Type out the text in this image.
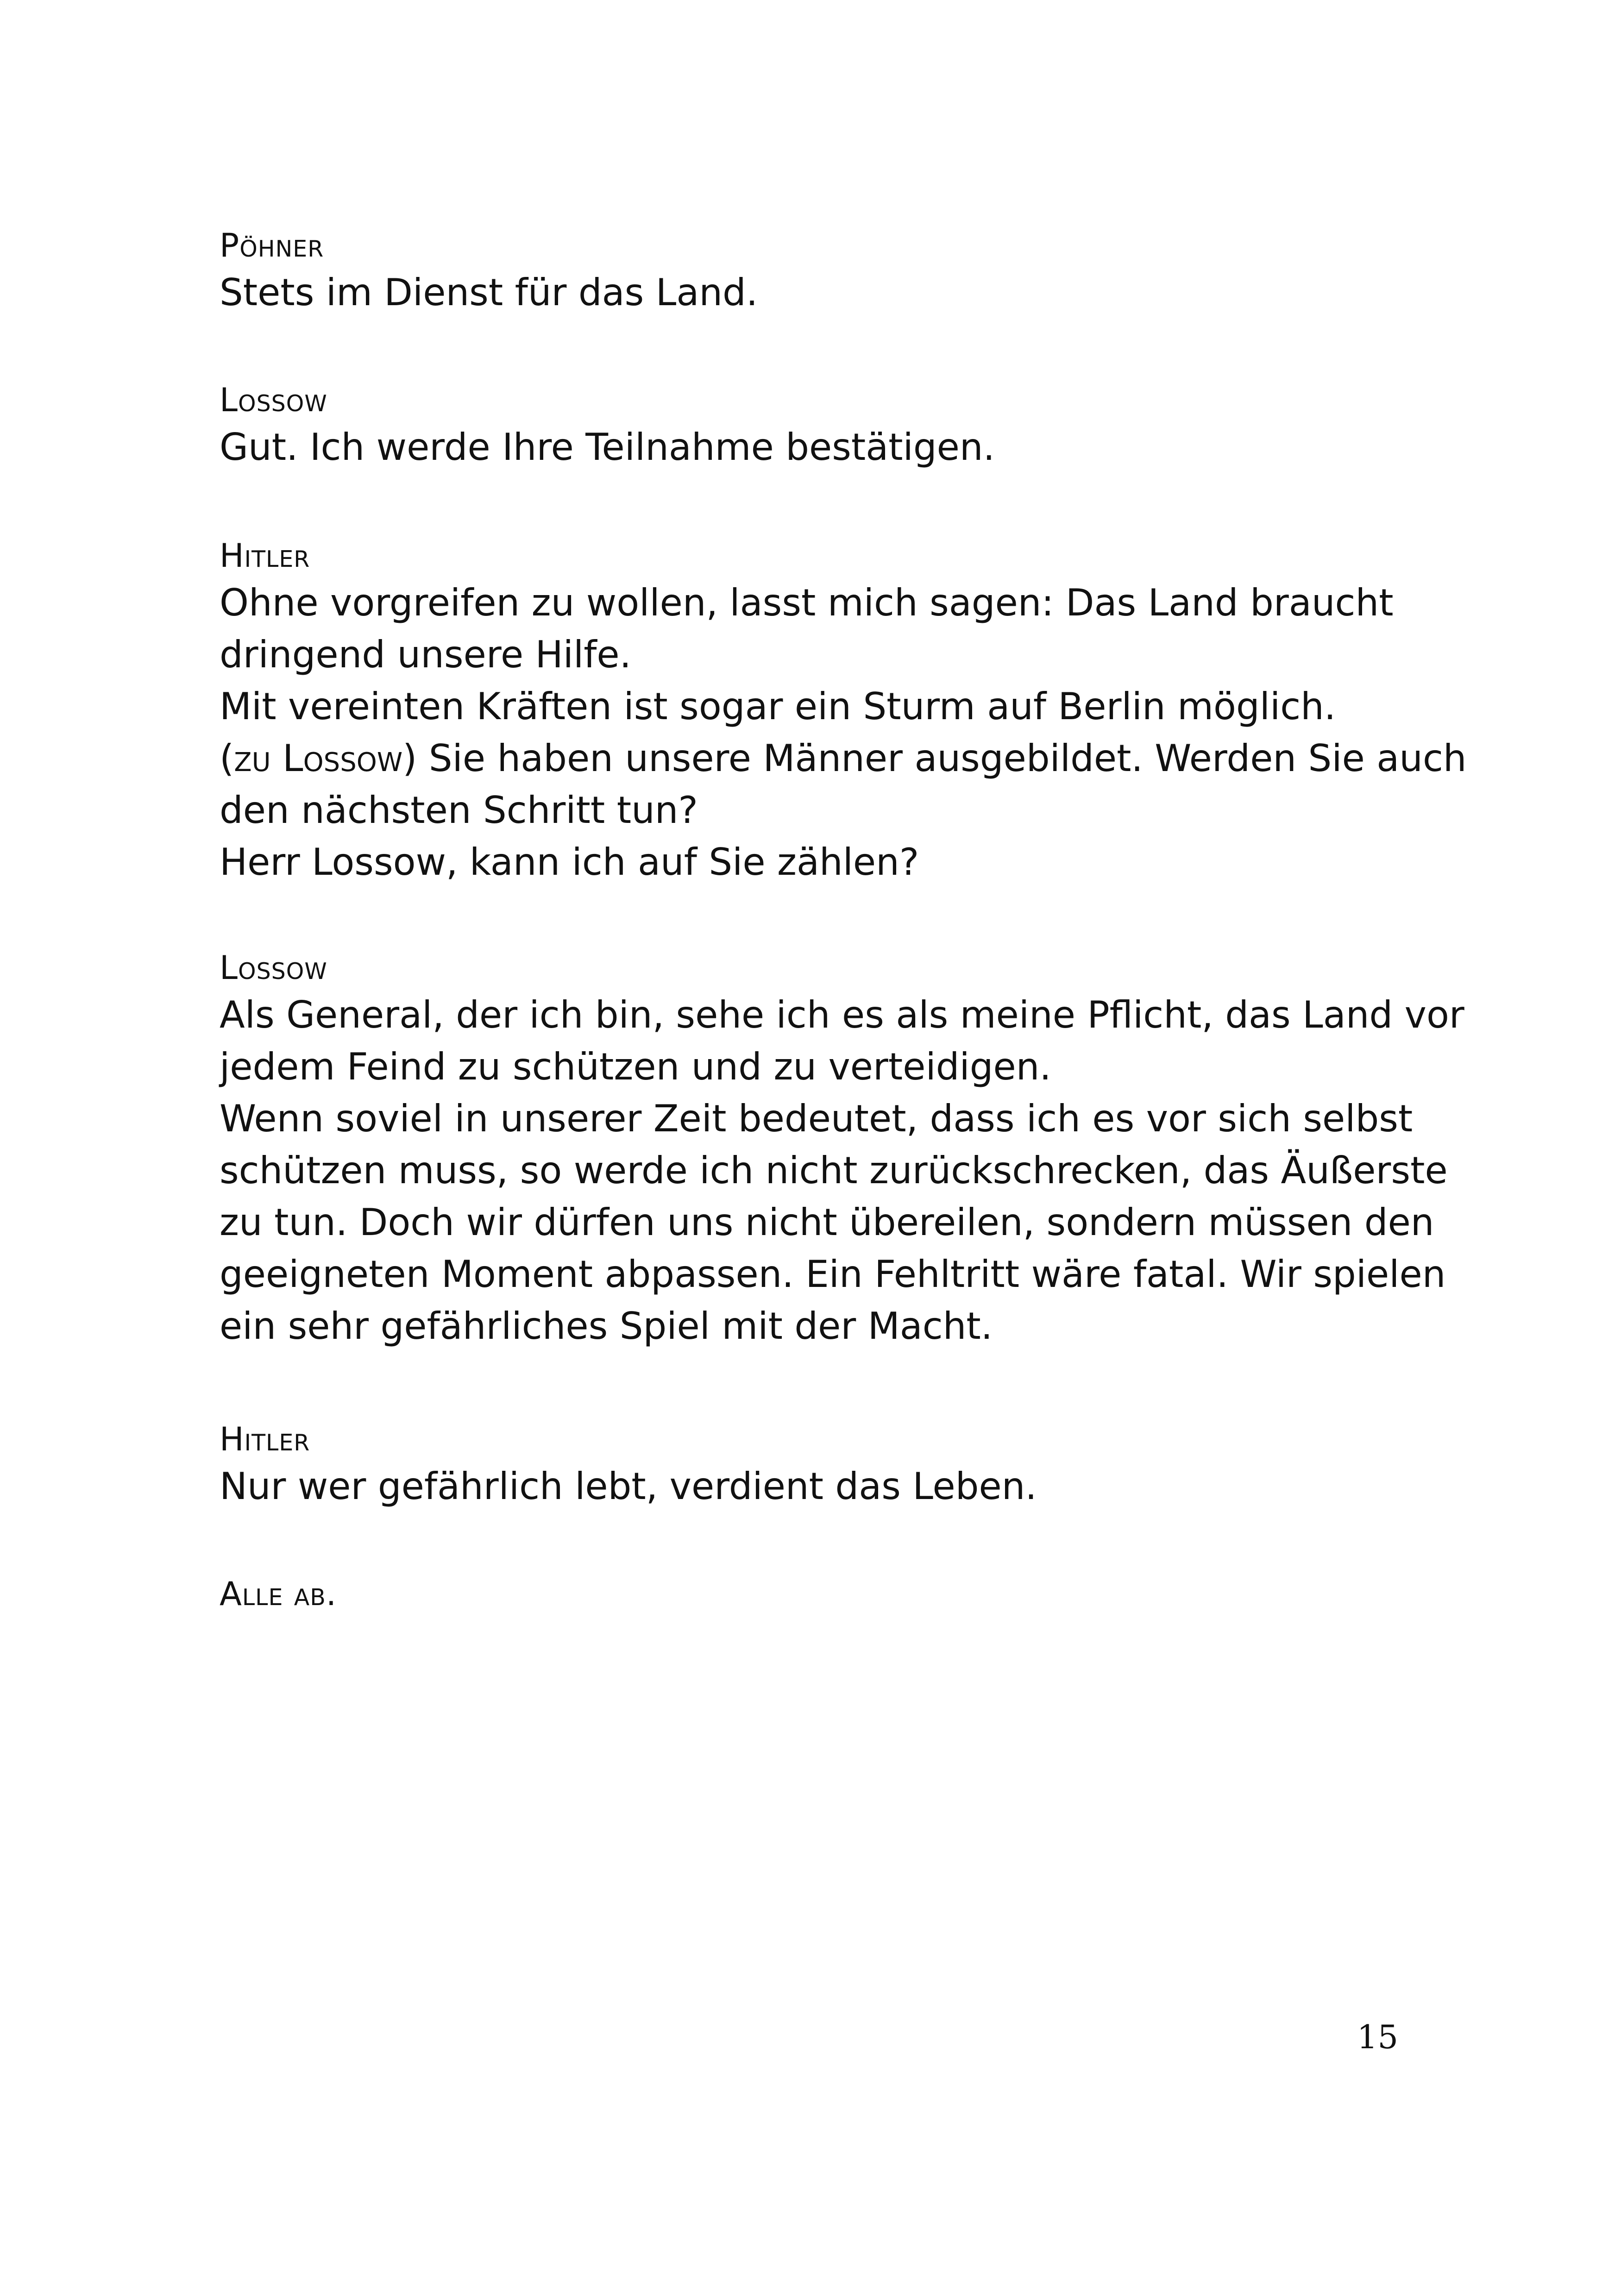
Pöhner

Stets im Dienst für das Land.

Lossow

Gut. Ich werde Ihre Teilnahme bestätigen.

Hitler

Ohne vorgreifen zu wollen, lasst mich sagen: Das Land braucht

dringend unsere Hilfe.

Mit vereinten Kräften ist sogar ein Sturm auf Berlin möglich.

(zu Lossow) Sie haben unsere Männer ausgebildet. Werden Sie auch

den nächsten Schritt tun?

Herr Lossow, kann ich auf Sie zählen?

Lossow

Als General, der ich bin, sehe ich es als meine Pflicht, das Land vor

jedem Feind zu schützen und zu verteidigen.

Wenn soviel in unserer Zeit bedeutet, dass ich es vor sich selbst

schützen muss, so werde ich nicht zurückschrecken, das Äußerste

zu tun. Doch wir dürfen uns nicht übereilen, sondern müssen den

geeigneten Moment abpassen. Ein Fehltritt wäre fatal. Wir spielen

ein sehr gefährliches Spiel mit der Macht.

Hitler

Nur wer gefährlich lebt, verdient das Leben.

Alle ab.

15
